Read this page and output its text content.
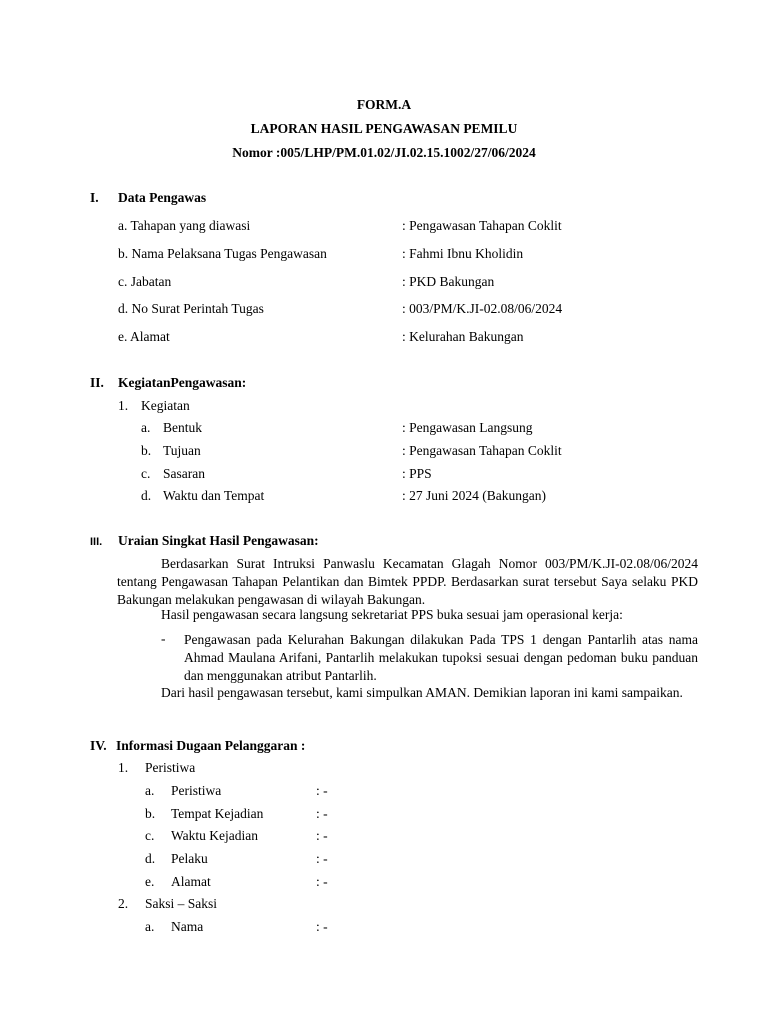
FORM.A
LAPORAN HASIL PENGAWASAN PEMILU
Nomor :005/LHP/PM.01.02/JI.02.15.1002/27/06/2024
I. Data Pengawas
a. Tahapan yang diawasi	: Pengawasan Tahapan Coklit
b. Nama Pelaksana Tugas Pengawasan	: Fahmi Ibnu Kholidin
c. Jabatan	: PKD Bakungan
d. No Surat Perintah Tugas	: 003/PM/K.JI-02.08/06/2024
e. Alamat	: Kelurahan Bakungan
II. KegiatanPengawasan:
1. Kegiatan
a. Bentuk	: Pengawasan Langsung
b. Tujuan	: Pengawasan Tahapan Coklit
c. Sasaran	: PPS
d. Waktu dan Tempat	: 27 Juni 2024 (Bakungan)
III. Uraian Singkat Hasil Pengawasan:
Berdasarkan Surat Intruksi Panwaslu Kecamatan Glagah Nomor 003/PM/K.JI-02.08/06/2024 tentang Pengawasan Tahapan Pelantikan dan Bimtek PPDP. Berdasarkan surat tersebut Saya selaku PKD Bakungan melakukan pengawasan di wilayah Bakungan.
Hasil pengawasan secara langsung sekretariat PPS buka sesuai jam operasional kerja:
- Pengawasan pada Kelurahan Bakungan dilakukan Pada TPS 1 dengan Pantarlih atas nama Ahmad Maulana Arifani, Pantarlih melakukan tupoksi sesuai dengan pedoman buku panduan dan menggunakan atribut Pantarlih.
Dari hasil pengawasan tersebut, kami simpulkan AMAN. Demikian laporan ini kami sampaikan.
IV. Informasi Dugaan Pelanggaran :
1. Peristiwa
a. Peristiwa	: -
b. Tempat Kejadian	: -
c. Waktu Kejadian	: -
d. Pelaku	: -
e. Alamat	: -
2. Saksi – Saksi
a. Nama	: -
